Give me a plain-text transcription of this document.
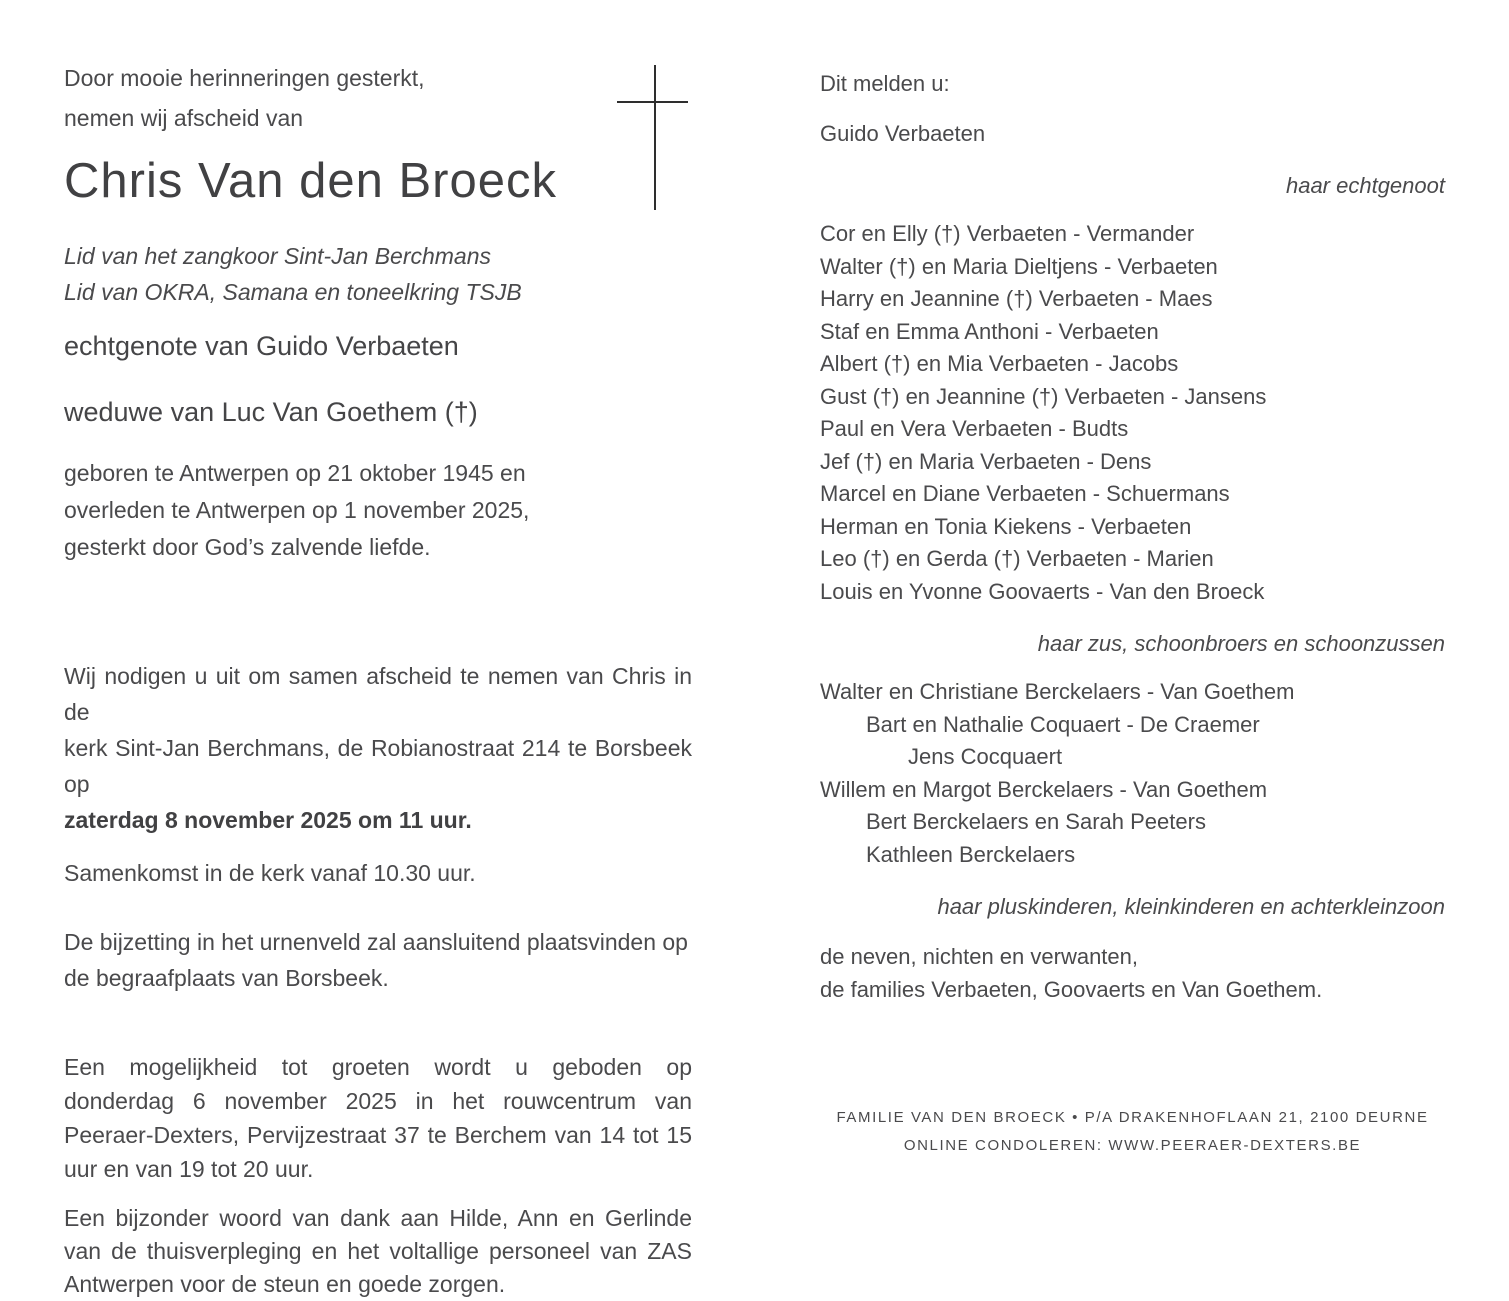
Door mooie herinneringen gesterkt,
nemen wij afscheid van
Chris Van den Broeck
Lid van het zangkoor Sint-Jan Berchmans
Lid van OKRA, Samana en toneelkring TSJB
echtgenote van Guido Verbaeten
weduwe van Luc Van Goethem (†)
geboren te Antwerpen op 21 oktober 1945 en
overleden te Antwerpen op 1 november 2025,
gesterkt door God’s zalvende liefde.
Wij nodigen u uit om samen afscheid te nemen van Chris in de
kerk Sint-Jan Berchmans, de Robianostraat 214 te Borsbeek op
zaterdag 8 november 2025 om 11 uur.
Samenkomst in de kerk vanaf 10.30 uur.
De bijzetting in het urnenveld zal aansluitend plaatsvinden op
de begraafplaats van Borsbeek.
Een mogelijkheid tot groeten wordt u geboden op
donderdag 6 november 2025 in het rouwcentrum van
Peeraer-Dexters, Pervijzestraat 37 te Berchem van 14 tot 15
uur en van 19 tot 20 uur.
Een bijzonder woord van dank aan Hilde, Ann en Gerlinde
van de thuisverpleging en het voltallige personeel van ZAS
Antwerpen voor de steun en goede zorgen.
Dit melden u:
Guido Verbaeten
haar echtgenoot
Cor en Elly (†) Verbaeten - Vermander
Walter (†) en Maria Dieltjens - Verbaeten
Harry en Jeannine (†) Verbaeten - Maes
Staf en Emma Anthoni - Verbaeten
Albert (†) en Mia Verbaeten - Jacobs
Gust (†) en Jeannine (†) Verbaeten - Jansens
Paul en Vera Verbaeten - Budts
Jef (†) en Maria Verbaeten - Dens
Marcel en Diane Verbaeten - Schuermans
Herman en Tonia Kiekens - Verbaeten
Leo (†) en Gerda (†) Verbaeten - Marien
Louis en Yvonne Goovaerts - Van den Broeck
haar zus, schoonbroers en schoonzussen
Walter en Christiane Berckelaers - Van Goethem
Bart en Nathalie Coquaert - De Craemer
Jens Cocquaert
Willem en Margot Berckelaers - Van Goethem
Bert Berckelaers en Sarah Peeters
Kathleen Berckelaers
haar pluskinderen, kleinkinderen en achterkleinzoon
de neven, nichten en verwanten,
de families Verbaeten, Goovaerts en Van Goethem.
FAMILIE VAN DEN BROECK • P/A DRAKENHOFLAAN 21, 2100 DEURNE
ONLINE CONDOLEREN: WWW.PEERAER-DEXTERS.BE
